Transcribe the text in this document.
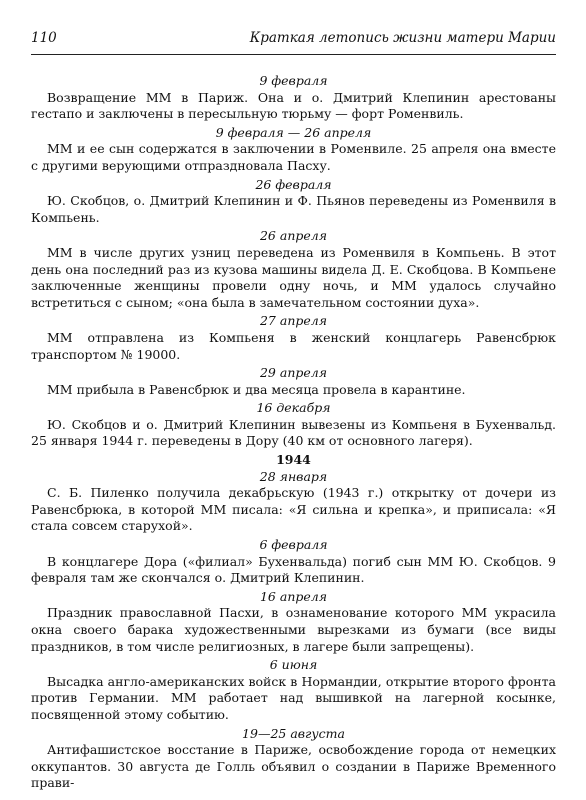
110	Краткая летопись жизни матери Марии

9 февраля

Возвращение ММ в Париж. Она и о. Дмитрий Клепинин арестованы гестапо и заключены в пересыльную тюрьму — форт Роменвиль.

9 февраля — 26 апреля

ММ и ее сын содержатся в заключении в Роменвиле. 25 апреля она вместе с другими верующими отпраздновала Пасху.

26 февраля

Ю. Скобцов, о. Дмитрий Клепинин и Ф. Пьянов переведены из Роменвиля в Компьень.

26 апреля

ММ в числе других узниц переведена из Роменвиля в Компьень. В этот день она последний раз из кузова машины видела Д. Е. Скобцова. В Компьене заключенные женщины провели одну ночь, и ММ удалось случайно встретиться с сыном; «она была в замечательном состоянии духа».

27 апреля

ММ отправлена из Компьеня в женский концлагерь Равенсбрюк транспортом № 19000.

29 апреля

ММ прибыла в Равенсбрюк и два месяца провела в карантине.

16 декабря

Ю. Скобцов и о. Дмитрий Клепинин вывезены из Компьеня в Бухенвальд. 25 января 1944 г. переведены в Дору (40 км от основного лагеря).

1944

28 января

С. Б. Пиленко получила декабрьскую (1943 г.) открытку от дочери из Равенсбрюка, в которой ММ писала: «Я сильна и крепка», и приписала: «Я стала совсем старухой».

6 февраля

В концлагере Дора («филиал» Бухенвальда) погиб сын ММ Ю. Скобцов. 9 февраля там же скончался о. Дмитрий Клепинин.

16 апреля

Праздник православной Пасхи, в ознаменование которого ММ украсила окна своего барака художественными вырезками из бумаги (все виды праздников, в том числе религиозных, в лагере были запрещены).

6 июня

Высадка англо-американских войск в Нормандии, открытие второго фронта против Германии. ММ работает над вышивкой на лагерной косынке, посвященной этому событию.

19—25 августа

Антифашистское восстание в Париже, освобождение города от немецких оккупантов. 30 августа де Голль объявил о создании в Париже Временного прави-
